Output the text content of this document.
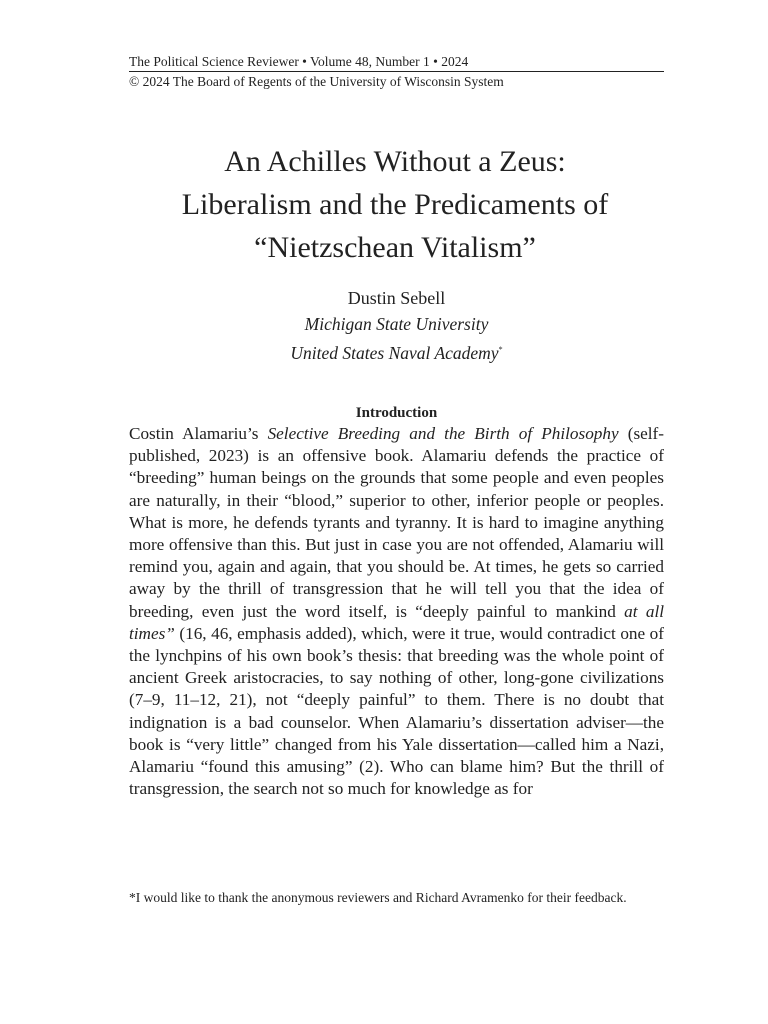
The Political Science Reviewer • Volume 48, Number 1 • 2024
© 2024 The Board of Regents of the University of Wisconsin System
An Achilles Without a Zeus:
Liberalism and the Predicaments of
“Nietzschean Vitalism”
Dustin Sebell
Michigan State University
United States Naval Academy*
Introduction

Costin Alamariu’s Selective Breeding and the Birth of Philosophy (self-published, 2023) is an offensive book. Alamariu defends the practice of “breeding” human beings on the grounds that some people and even peoples are naturally, in their “blood,” superior to other, inferior people or peoples. What is more, he defends tyrants and tyranny. It is hard to imagine anything more offensive than this. But just in case you are not offended, Alamariu will remind you, again and again, that you should be. At times, he gets so carried away by the thrill of transgression that he will tell you that the idea of breeding, even just the word itself, is “deeply painful to mankind at all times” (16, 46, emphasis added), which, were it true, would contradict one of the lynchpins of his own book’s thesis: that breeding was the whole point of ancient Greek aristocracies, to say nothing of other, long-gone civilizations (7–9, 11–12, 21), not “deeply painful” to them. There is no doubt that indignation is a bad counselor. When Alamariu’s dissertation adviser—the book is “very little” changed from his Yale dissertation—called him a Nazi, Alamariu “found this amusing” (2). Who can blame him? But the thrill of transgression, the search not so much for knowledge as for

*I would like to thank the anonymous reviewers and Richard Avramenko for their feedback.
